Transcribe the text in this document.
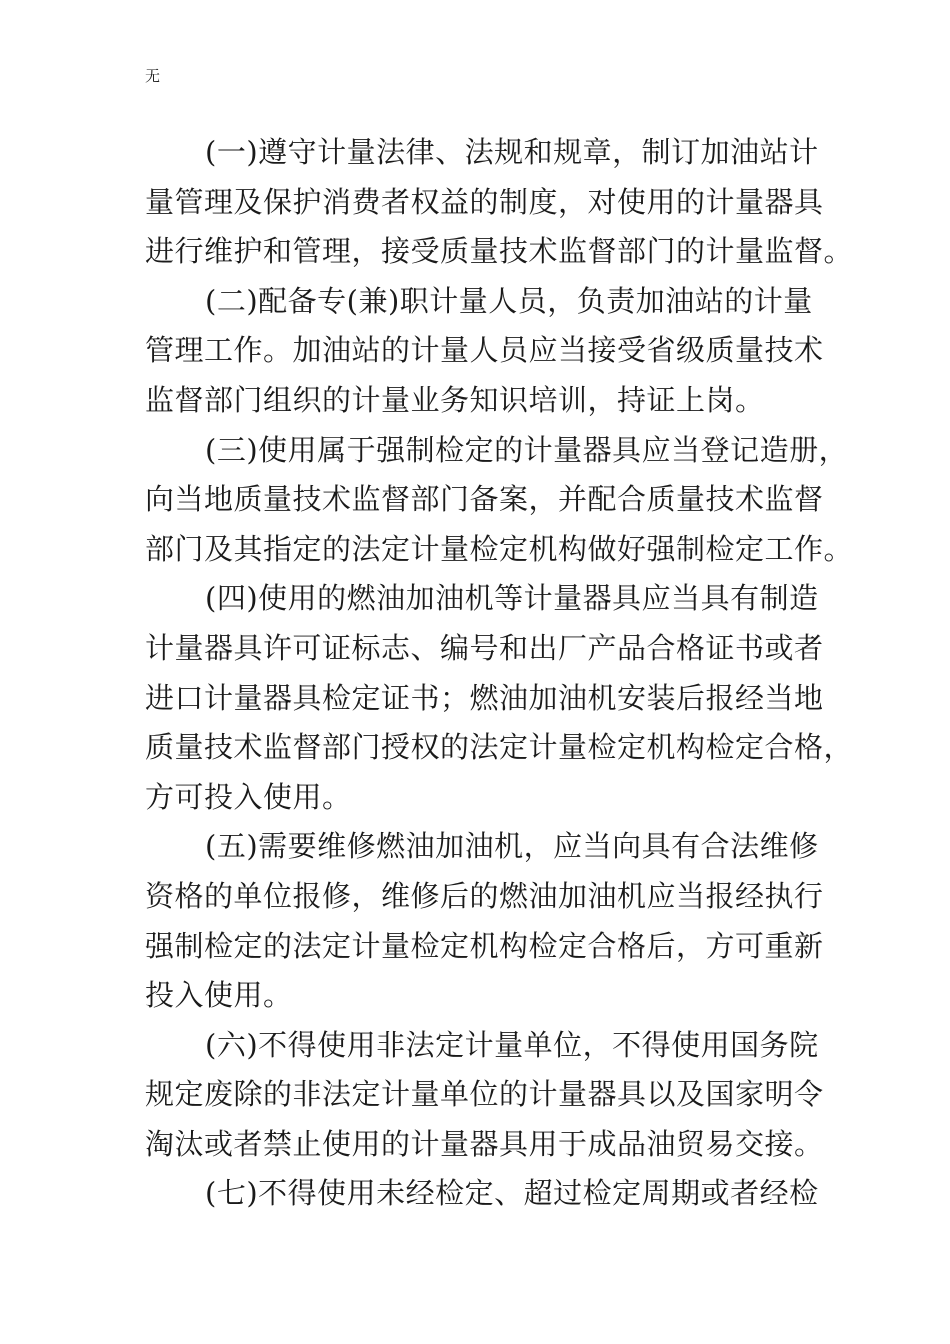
无

(一)遵守计量法律、法规和规章，制订加油站计
量管理及保护消费者权益的制度，对使用的计量器具
进行维护和管理，接受质量技术监督部门的计量监督。

(二)配备专(兼)职计量人员，负责加油站的计量
管理工作。加油站的计量人员应当接受省级质量技术
监督部门组织的计量业务知识培训，持证上岗。

(三)使用属于强制检定的计量器具应当登记造册，
向当地质量技术监督部门备案，并配合质量技术监督
部门及其指定的法定计量检定机构做好强制检定工作。

(四)使用的燃油加油机等计量器具应当具有制造
计量器具许可证标志、编号和出厂产品合格证书或者
进口计量器具检定证书；燃油加油机安装后报经当地
质量技术监督部门授权的法定计量检定机构检定合格，
方可投入使用。

(五)需要维修燃油加油机，应当向具有合法维修
资格的单位报修，维修后的燃油加油机应当报经执行
强制检定的法定计量检定机构检定合格后，方可重新
投入使用。

(六)不得使用非法定计量单位，不得使用国务院
规定废除的非法定计量单位的计量器具以及国家明令
淘汰或者禁止使用的计量器具用于成品油贸易交接。

(七)不得使用未经检定、超过检定周期或者经检
